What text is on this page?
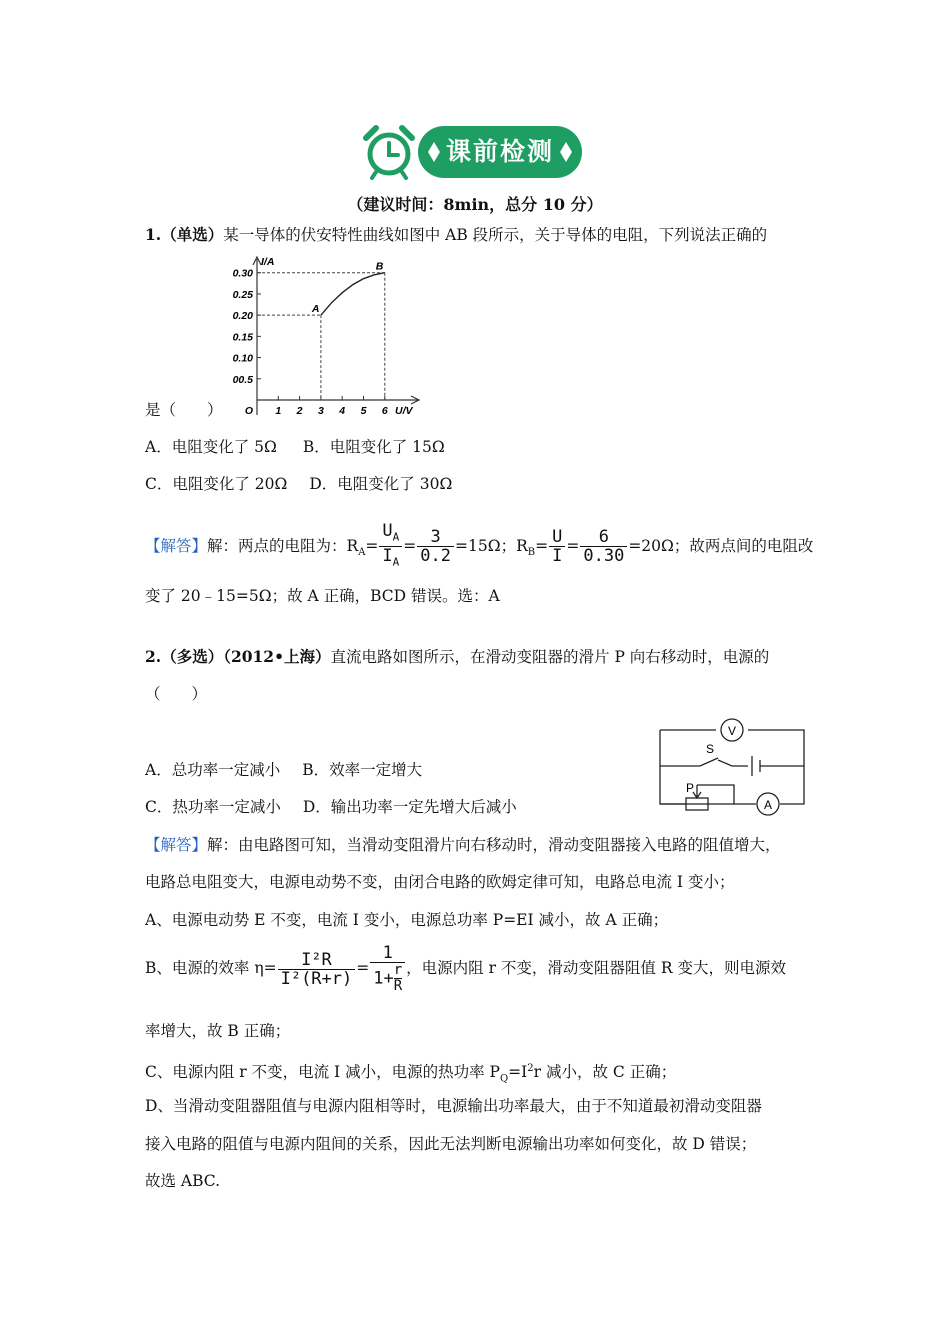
课前检测
（建议时间：8min，总分 10 分）
1.（单选）某一导体的伏安特性曲线如图中 AB 段所示，关于导体的电阻，下列说法正确的
0.30
0.25
0.20
0.15
0.10
00.5
O 1 2 3 4 5 6
I/A
U/V
A
B
是（　　）
A．电阻变化了 5Ω B．电阻变化了 15Ω
C．电阻变化了 20Ω D．电阻变化了 30Ω
【解答】解：两点的电阻为：$R_A= \frac{U_A}{I_A} = \frac{3}{0.2} =15\Omega$；$R_B= \frac{U}{I} = \frac{6}{0.30} =20\Omega$；故两点间的电阻改
变了 20﹣15=5Ω；故 A 正确，BCD 错误。选：A
2.（多选）（2012•上海）直流电路如图所示，在滑动变阻器的滑片 P 向右移动时，电源的
（　　）
V
A
S
P
A．总功率一定减小 B．效率一定增大
C．热功率一定减小 D．输出功率一定先增大后减小
【解答】解：由电路图可知，当滑动变阻滑片向右移动时，滑动变阻器接入电路的阻值增大，
电路总电阻变大，电源电动势不变，由闭合电路的欧姆定律可知，电路总电流 I 变小；
A、电源电动势 E 不变，电流 I 变小，电源总功率 P=EI 减小，故 A 正确；
B、电源的效率 $\eta= \frac{\text{I²R}}{\text{I²(R+r)}} = \frac{1}{1+ \frac{r}{R}}$ ，电源内阻 r 不变，滑动变阻器阻值 R 变大，则电源效
率增大，故 B 正确；
C、电源内阻 r 不变，电流 I 减小，电源的热功率 $P_Q=I^2r$ 减小，故 C 正确；
D、当滑动变阻器阻值与电源内阻相等时，电源输出功率最大，由于不知道最初滑动变阻器
接入电路的阻值与电源内阻间的关系，因此无法判断电源输出功率如何变化，故 D 错误；
故选 ABC.
